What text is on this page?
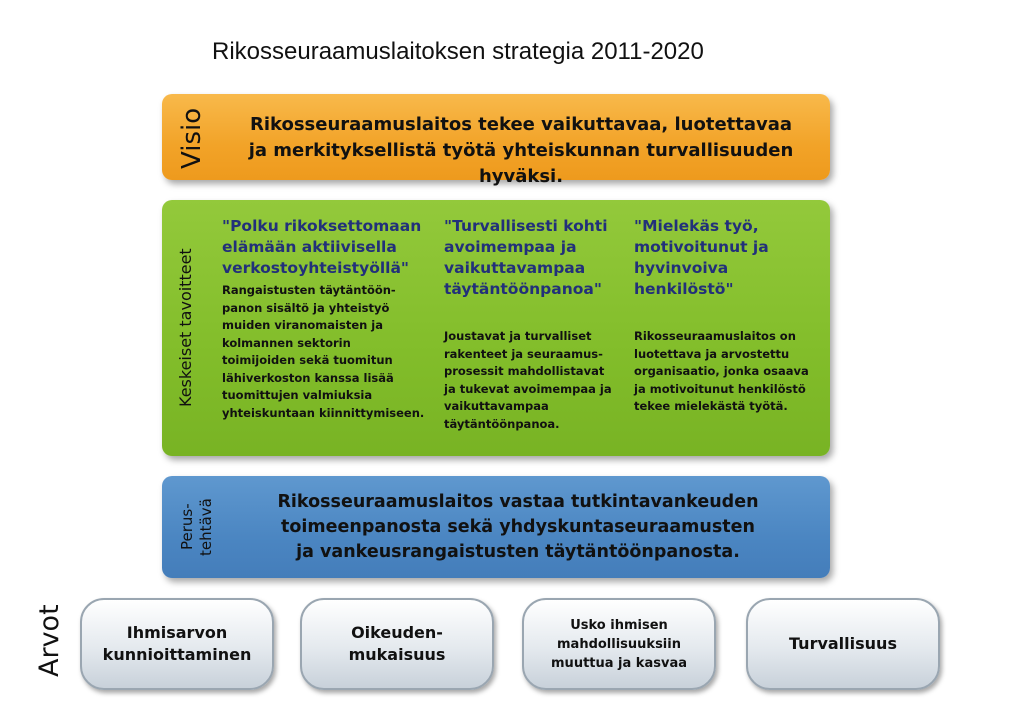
Rikosseuraamuslaitoksen strategia 2011-2020
Visio	Rikosseuraamuslaitos tekee vaikuttavaa, luotettavaa
ja merkityksellistä työtä yhteiskunnan turvallisuuden hyväksi.
Keskeiset tavoitteet
"Polku rikoksettomaan
elämään aktiivisella
verkostoyhteistyöllä"
Rangaistusten täytäntöön-
panon sisältö ja yhteistyö
muiden viranomaisten ja
kolmannen sektorin
toimijoiden sekä tuomitun
lähiverkoston kanssa lisää
tuomittujen valmiuksia
yhteiskuntaan kiinnittymiseen.
"Turvallisesti kohti
avoimempaa ja
vaikuttavampaa
täytäntöönpanoa"
Joustavat ja turvalliset
rakenteet ja seuraamus-
prosessit mahdollistavat
ja tukevat avoimempaa ja
vaikuttavampaa
täytäntöönpanoa.
"Mielekäs työ,
motivoitunut ja
hyvinvoiva
henkilöstö"
Rikosseuraamuslaitos on
luotettava ja arvostettu
organisaatio, jonka osaava
ja motivoitunut henkilöstö
tekee mielekästä työtä.
Perus-
tehtävä	Rikosseuraamuslaitos vastaa tutkintavankeuden
toimeenpanosta sekä yhdyskuntaseuraamusten
ja vankeusrangaistusten täytäntöönpanosta.
Arvot	Ihmisarvon
kunnioittaminen
Oikeuden-
mukaisuus
Usko ihmisen
mahdollisuuksiin
muuttua ja kasvaa
Turvallisuus
